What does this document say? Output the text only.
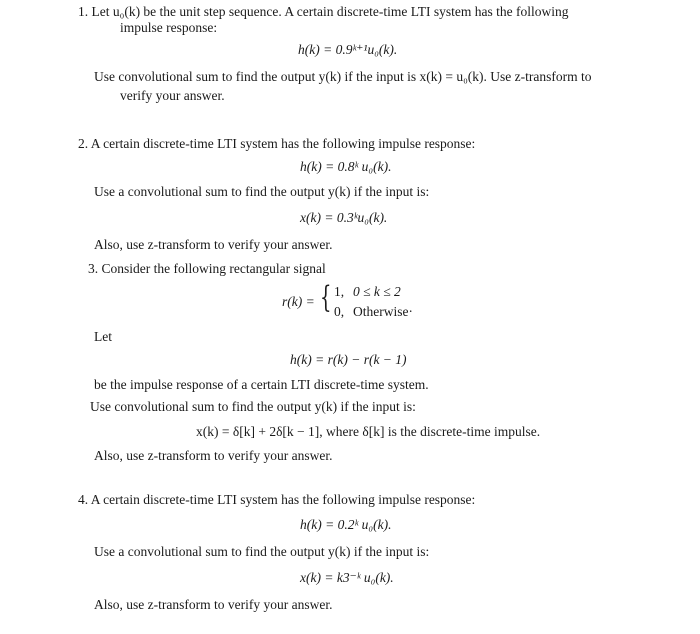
1. Let u₀(k) be the unit step sequence. A certain discrete-time LTI system has the following
impulse response:
h(k) = 0.9ᵏ⁺¹u₀(k).
Use convolutional sum to find the output y(k) if the input is x(k) = u₀(k). Use z-transform to
verify your answer.
2. A certain discrete-time LTI system has the following impulse response:
h(k) = 0.8ᵏ u₀(k).
Use a convolutional sum to find the output y(k) if the input is:
x(k) = 0.3ᵏu₀(k).
Also, use z-transform to verify your answer.
3. Consider the following rectangular signal
r(k) = { 1, 0 ≤ k ≤ 2
0, Otherwise .
Let
h(k) = r(k) − r(k − 1)
be the impulse response of a certain LTI discrete-time system.
Use convolutional sum to find the output y(k) if the input is:
x(k) = δ[k] + 2δ[k − 1], where δ[k] is the discrete-time impulse.
Also, use z-transform to verify your answer.
4. A certain discrete-time LTI system has the following impulse response:
h(k) = 0.2ᵏ u₀(k).
Use a convolutional sum to find the output y(k) if the input is:
x(k) = k3⁻ᵏ u₀(k).
Also, use z-transform to verify your answer.
